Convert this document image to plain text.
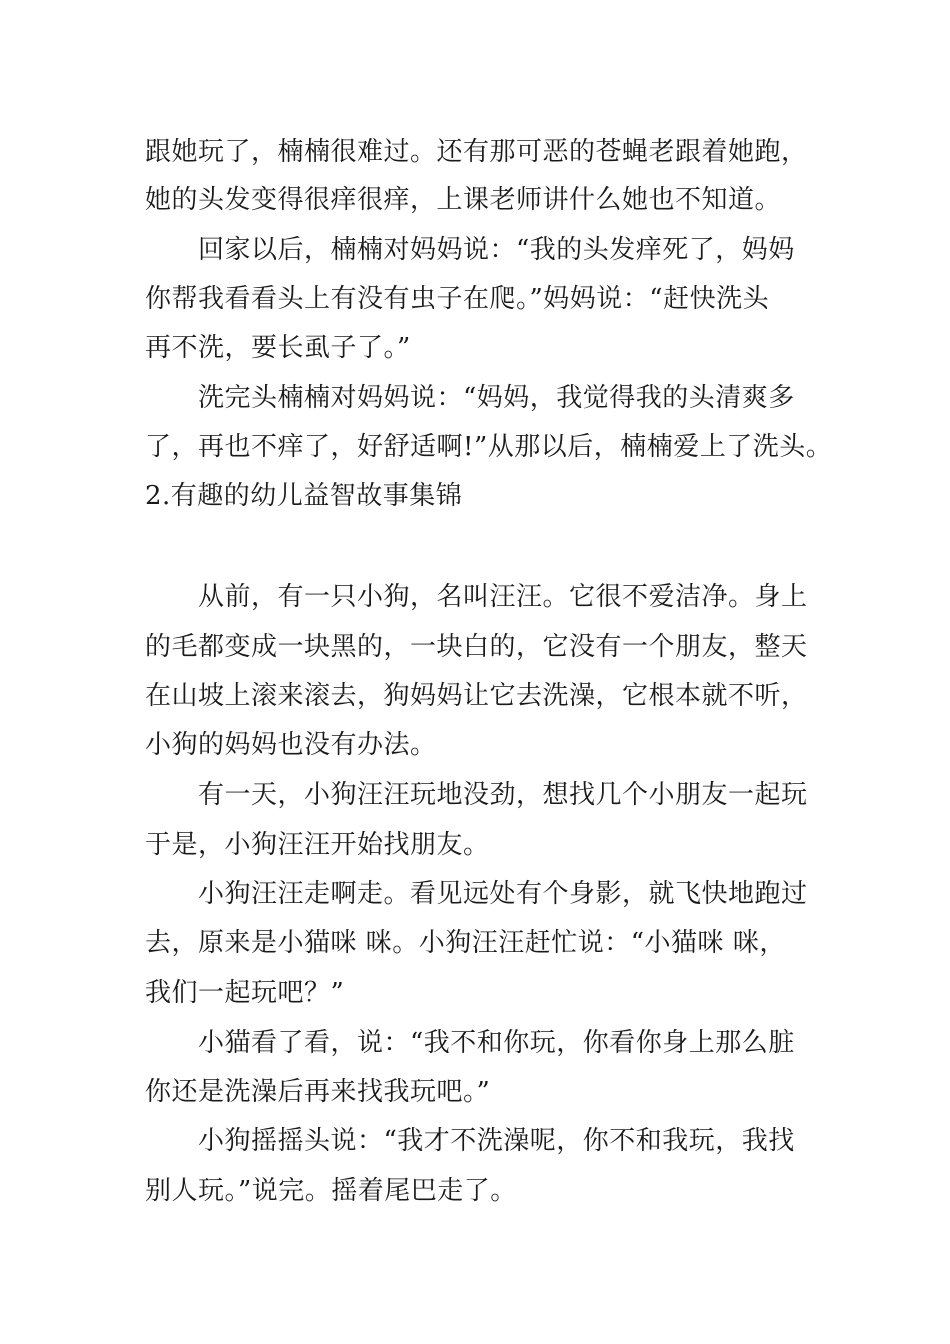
跟她玩了，楠楠很难过。还有那可恶的苍蝇老跟着她跑，
她的头发变得很痒很痒，上课老师讲什么她也不知道。
回家以后，楠楠对妈妈说：“我的头发痒死了，妈妈
你帮我看看头上有没有虫子在爬。”妈妈说：“赶快洗头
再不洗，要长虱子了。”
洗完头楠楠对妈妈说：“妈妈，我觉得我的头清爽多
了，再也不痒了，好舒适啊!”从那以后，楠楠爱上了洗头。
2.有趣的幼儿益智故事集锦
从前，有一只小狗，名叫汪汪。它很不爱洁净。身上
的毛都变成一块黑的，一块白的，它没有一个朋友，整天
在山坡上滚来滚去，狗妈妈让它去洗澡，它根本就不听，
小狗的妈妈也没有办法。
有一天，小狗汪汪玩地没劲，想找几个小朋友一起玩
于是，小狗汪汪开始找朋友。
小狗汪汪走啊走。看见远处有个身影，就飞快地跑过
去，原来是小猫咪 咪。小狗汪汪赶忙说：“小猫咪 咪，
我们一起玩吧？”
小猫看了看，说：“我不和你玩，你看你身上那么脏
你还是洗澡后再来找我玩吧。”
小狗摇摇头说：“我才不洗澡呢，你不和我玩，我找
别人玩。”说完。摇着尾巴走了。
